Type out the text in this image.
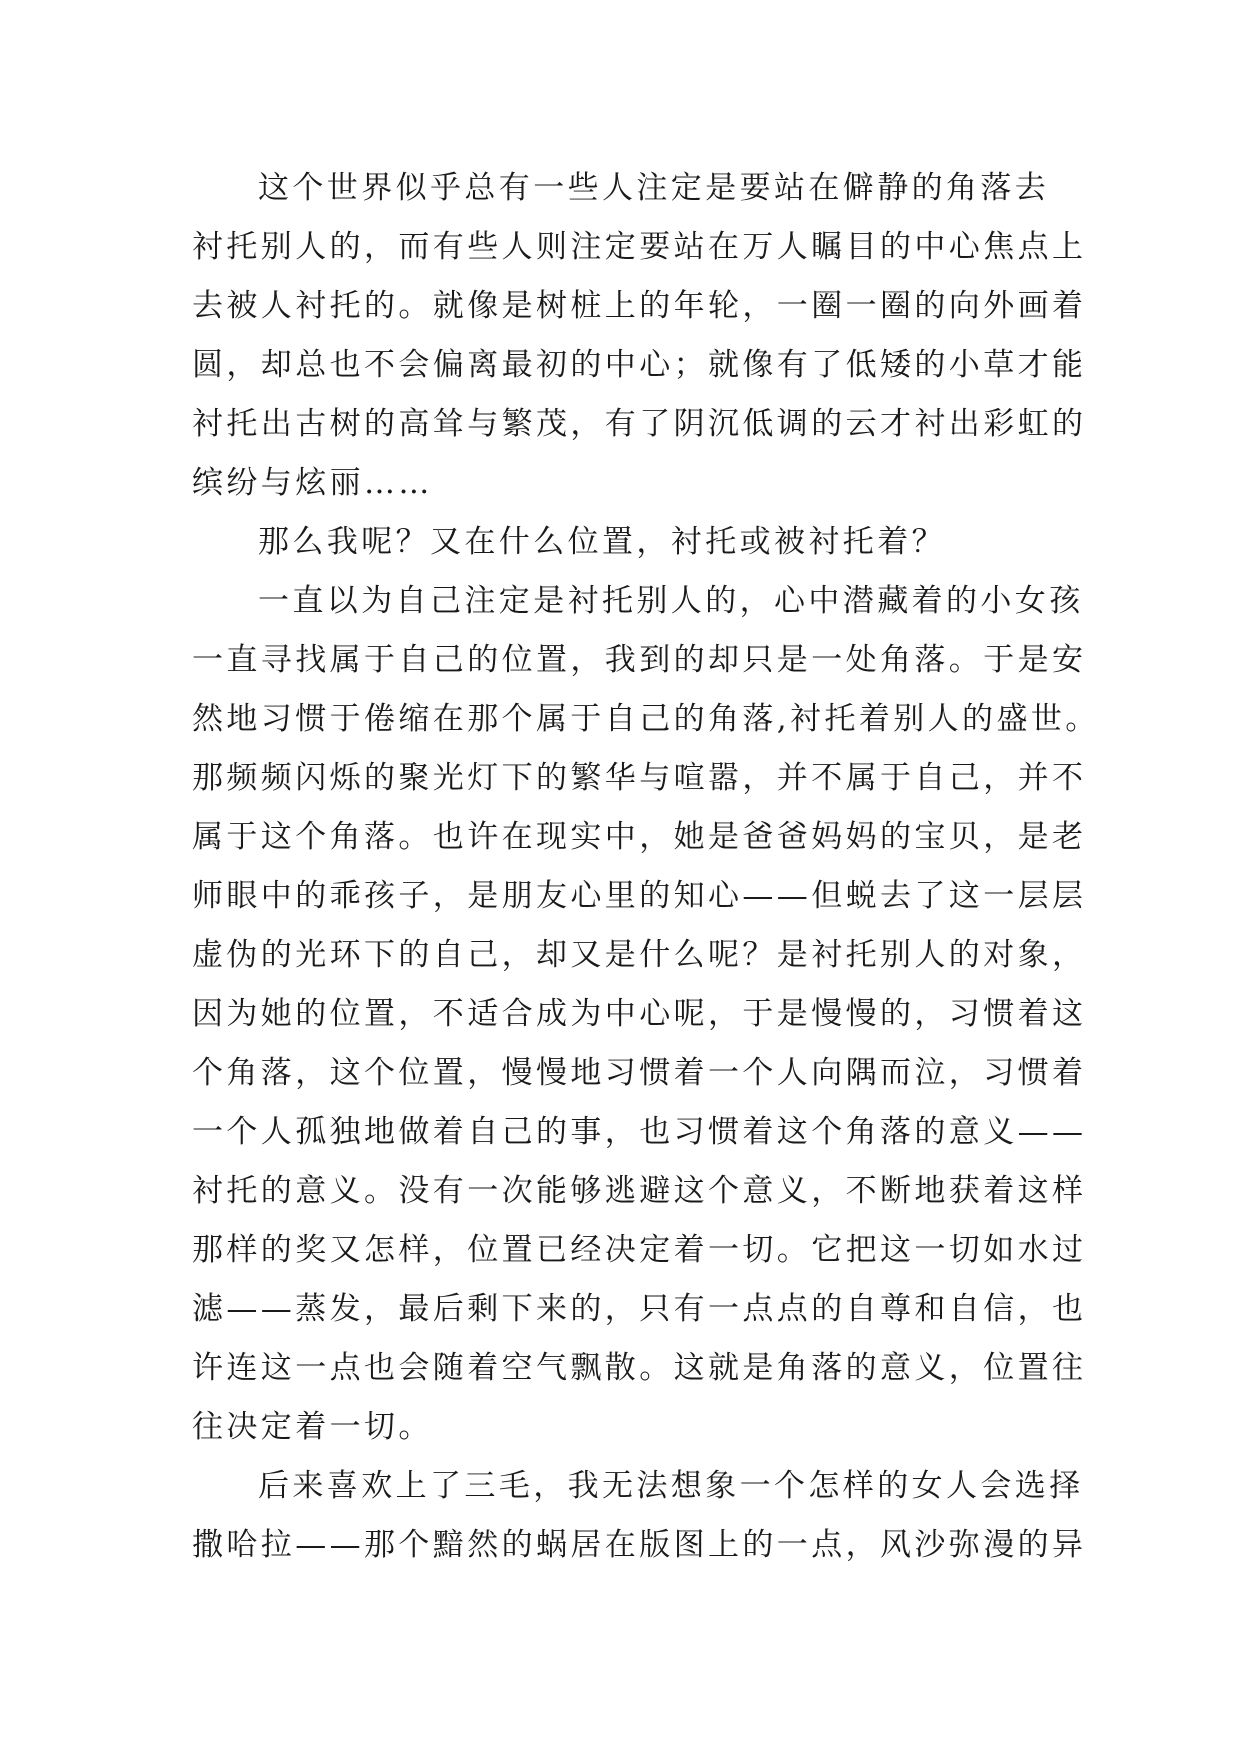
这个世界似乎总有一些人注定是要站在僻静的角落去
衬托别人的，而有些人则注定要站在万人瞩目的中心焦点上
去被人衬托的。就像是树桩上的年轮，一圈一圈的向外画着
圆，却总也不会偏离最初的中心；就像有了低矮的小草才能
衬托出古树的高耸与繁茂，有了阴沉低调的云才衬出彩虹的
缤纷与炫丽……
那么我呢？又在什么位置，衬托或被衬托着？
一直以为自己注定是衬托别人的，心中潜藏着的小女孩
一直寻找属于自己的位置，我到的却只是一处角落。于是安
然地习惯于倦缩在那个属于自己的角落,衬托着别人的盛世。
那频频闪烁的聚光灯下的繁华与喧嚣，并不属于自己，并不
属于这个角落。也许在现实中，她是爸爸妈妈的宝贝，是老
师眼中的乖孩子，是朋友心里的知心——但蜕去了这一层层
虚伪的光环下的自己，却又是什么呢？是衬托别人的对象，
因为她的位置，不适合成为中心呢，于是慢慢的，习惯着这
个角落，这个位置，慢慢地习惯着一个人向隅而泣，习惯着
一个人孤独地做着自己的事，也习惯着这个角落的意义——
衬托的意义。没有一次能够逃避这个意义，不断地获着这样
那样的奖又怎样，位置已经决定着一切。它把这一切如水过
滤——蒸发，最后剩下来的，只有一点点的自尊和自信，也
许连这一点也会随着空气飘散。这就是角落的意义，位置往
往决定着一切。
后来喜欢上了三毛，我无法想象一个怎样的女人会选择
撒哈拉——那个黯然的蜗居在版图上的一点，风沙弥漫的异
